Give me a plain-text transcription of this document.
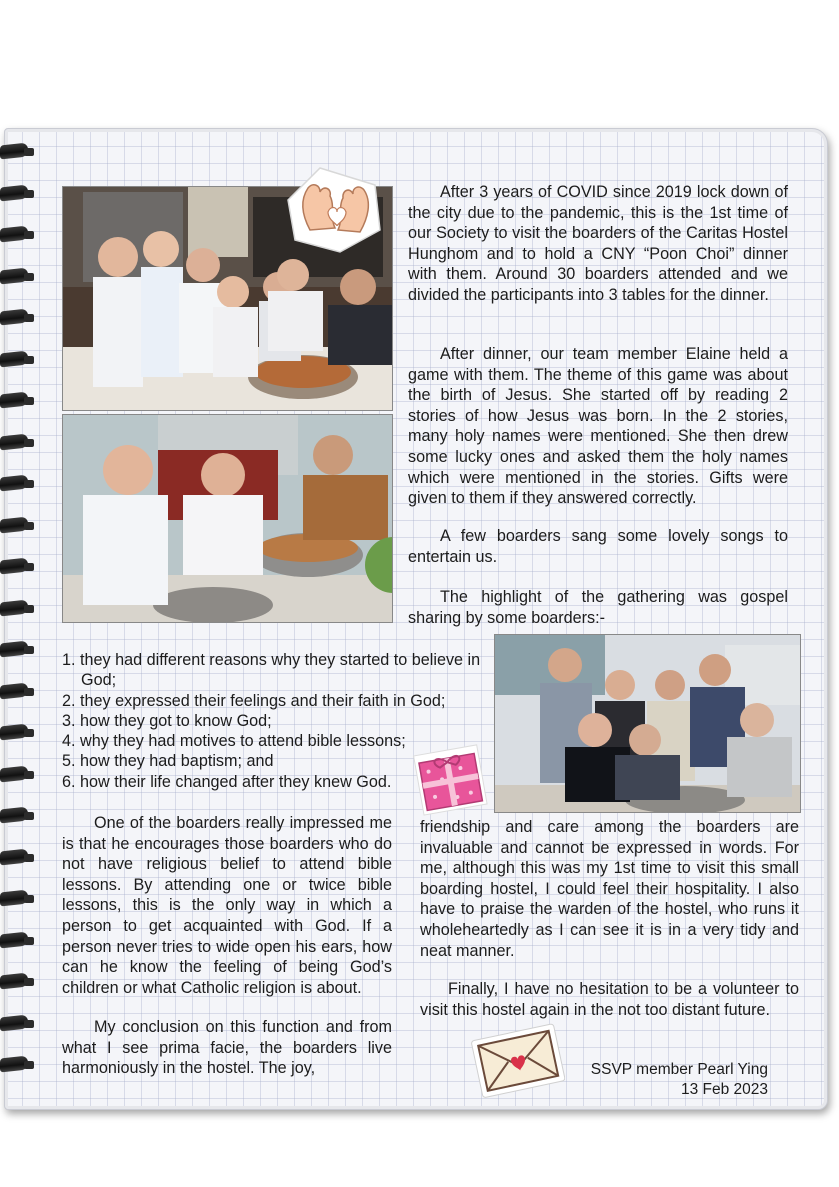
After 3 years of COVID since 2019 lock down of the city due to the pandemic, this is the 1st time of our Society to visit the boarders of the Caritas Hostel Hunghom and to hold a CNY “Poon Choi” dinner with them. Around 30 boarders attended and we divided the participants into 3 tables for the dinner.

After dinner, our team member Elaine held a game with them. The theme of this game was about the birth of Jesus. She started off by reading 2 stories of how Jesus was born. In the 2 stories, many holy names were mentioned. She then drew some lucky ones and asked them the holy names which were mentioned in the stories. Gifts were given to them if they answered correctly.

A few boarders sang some lovely songs to entertain us.

The highlight of the gathering was gospel sharing by some boarders:-

1. they had different reasons why they started to believe in God;
2. they expressed their feelings and their faith in God;
3. how they got to know God;
4. why they had motives to attend bible lessons;
5. how they had baptism; and
6. how their life changed after they knew God.

One of the boarders really impressed me is that he encourages those boarders who do not have religious belief to attend bible lessons. By attending one or twice bible lessons, this is the only way in which a person to get acquainted with God. If a person never tries to wide open his ears, how can he know the feeling of being God’s children or what Catholic religion is about.

My conclusion on this function and from what I see prima facie, the boarders live harmoniously in the hostel. The joy,

friendship and care among the boarders are invaluable and cannot be expressed in words. For me, although this was my 1st time to visit this small boarding hostel, I could feel their hospitality. I also have to praise the warden of the hostel, who runs it wholeheartedly as I can see it is in a very tidy and neat manner.

Finally, I have no hesitation to be a volunteer to visit this hostel again in the not too distant future.

SSVP member Pearl Ying
13 Feb 2023
